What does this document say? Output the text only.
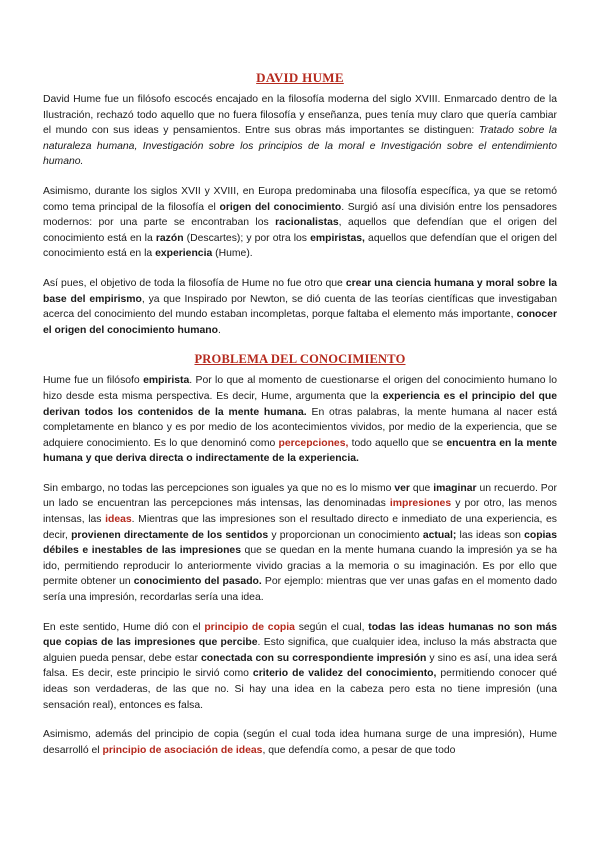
DAVID HUME

David Hume fue un filósofo escocés encajado en la filosofía moderna del siglo XVIII. Enmarcado dentro de la Ilustración, rechazó todo aquello que no fuera filosofía y enseñanza, pues tenía muy claro que quería cambiar el mundo con sus ideas y pensamientos. Entre sus obras más importantes se distinguen: Tratado sobre la naturaleza humana, Investigación sobre los principios de la moral e Investigación sobre el entendimiento humano.

Asimismo, durante los siglos XVII y XVIII, en Europa predominaba una filosofía específica, ya que se retomó como tema principal de la filosofía el origen del conocimiento. Surgió así una división entre los pensadores modernos: por una parte se encontraban los racionalistas, aquellos que defendían que el origen del conocimiento está en la razón (Descartes); y por otra los empiristas, aquellos que defendían que el origen del conocimiento está en la experiencia (Hume).

Así pues, el objetivo de toda la filosofía de Hume no fue otro que crear una ciencia humana y moral sobre la base del empirismo, ya que Inspirado por Newton, se dió cuenta de las teorías científicas que investigaban acerca del conocimiento del mundo estaban incompletas, porque faltaba el elemento más importante, conocer el origen del conocimiento humano.

PROBLEMA DEL CONOCIMIENTO

Hume fue un filósofo empirista. Por lo que al momento de cuestionarse el origen del conocimiento humano lo hizo desde esta misma perspectiva. Es decir, Hume, argumenta que la experiencia es el principio del que derivan todos los contenidos de la mente humana. En otras palabras, la mente humana al nacer está completamente en blanco y es por medio de los acontecimientos vividos, por medio de la experiencia, que se adquiere conocimiento. Es lo que denominó como percepciones, todo aquello que se encuentra en la mente humana y que deriva directa o indirectamente de la experiencia.

Sin embargo, no todas las percepciones son iguales ya que no es lo mismo ver que imaginar un recuerdo. Por un lado se encuentran las percepciones más intensas, las denominadas impresiones y por otro, las menos intensas, las ideas. Mientras que las impresiones son el resultado directo e inmediato de una experiencia, es decir, provienen directamente de los sentidos y proporcionan un conocimiento actual; las ideas son copias débiles e inestables de las impresiones que se quedan en la mente humana cuando la impresión ya se ha ido, permitiendo reproducir lo anteriormente vivido gracias a la memoria o su imaginación. Es por ello que permite obtener un conocimiento del pasado. Por ejemplo: mientras que ver unas gafas en el momento dado sería una impresión, recordarlas sería una idea.

En este sentido, Hume dió con el principio de copia según el cual, todas las ideas humanas no son más que copias de las impresiones que percibe. Esto significa, que cualquier idea, incluso la más abstracta que alguien pueda pensar, debe estar conectada con su correspondiente impresión y sino es así, una idea será falsa. Es decir, este principio le sirvió como criterio de validez del conocimiento, permitiendo conocer qué ideas son verdaderas, de las que no. Si hay una idea en la cabeza pero esta no tiene impresión (una sensación real), entonces es falsa.

Asimismo, además del principio de copia (según el cual toda idea humana surge de una impresión), Hume desarrolló el principio de asociación de ideas, que defendía como, a pesar de que todo
